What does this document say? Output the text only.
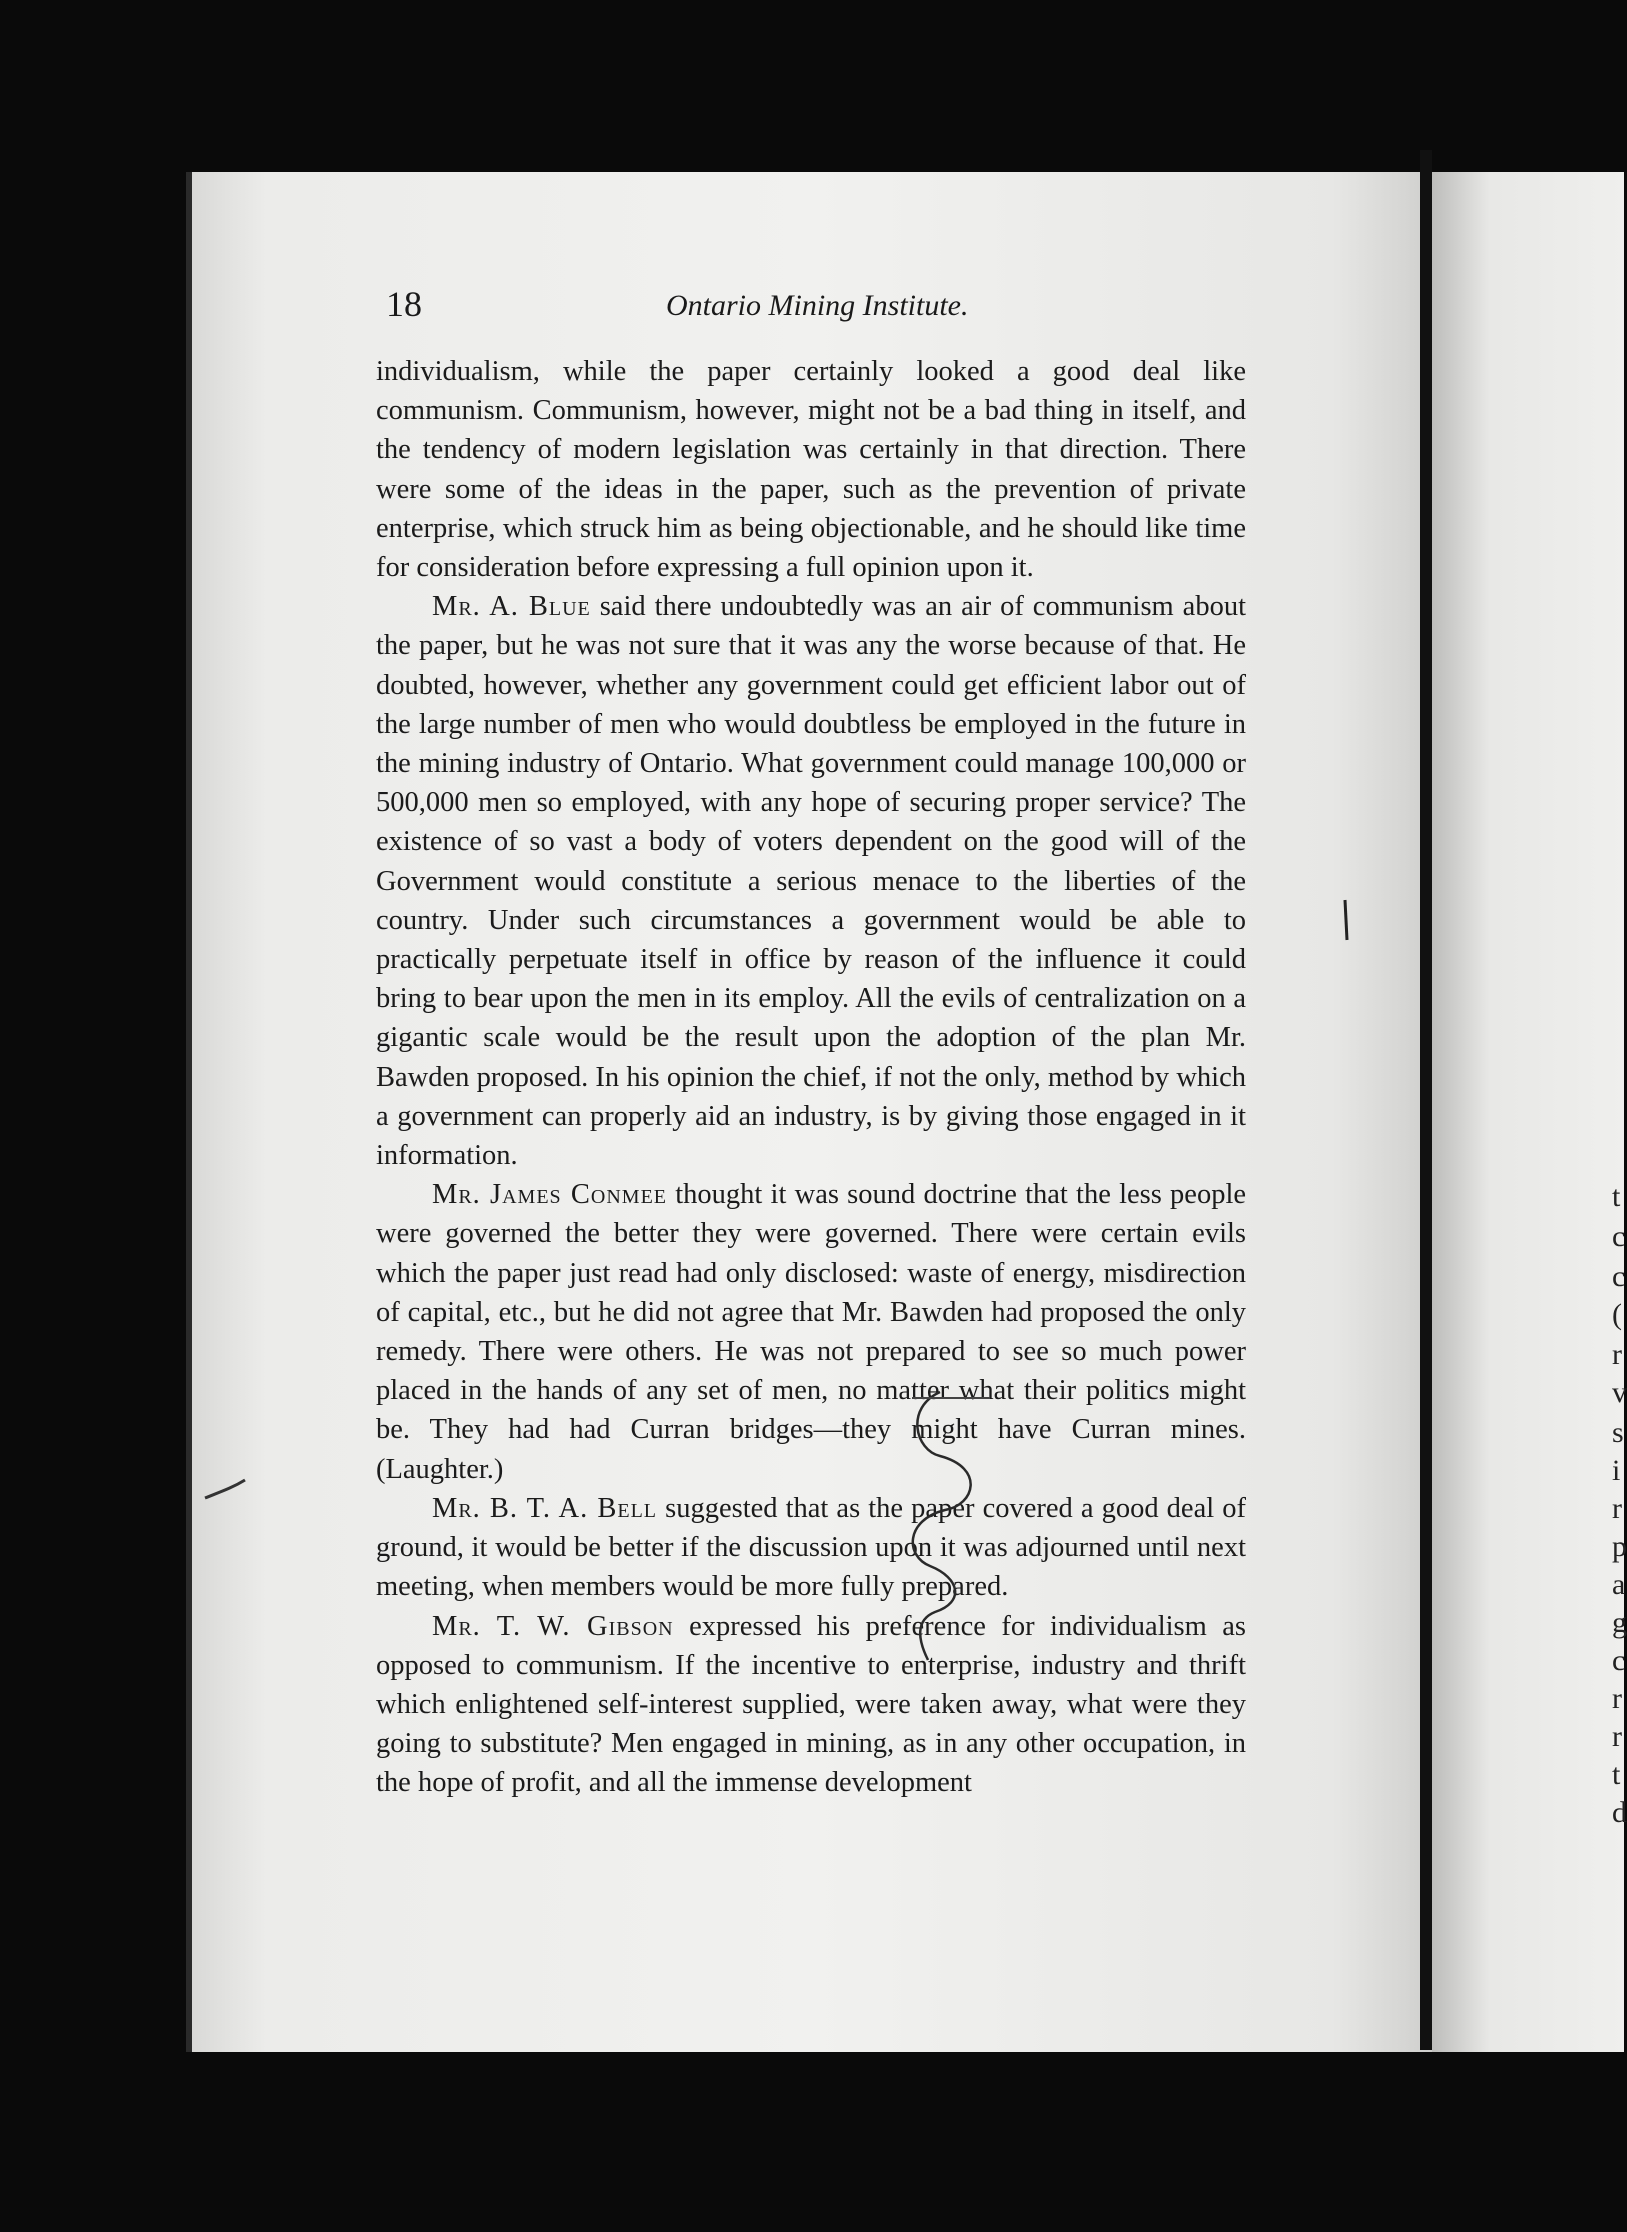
t
c
c
(
r
v
s
i
r
p
a
g
c
r
r
t
d
18	Ontario Mining Institute.

individualism, while the paper certainly looked a good deal like communism. Communism, however, might not be a bad thing in itself, and the tendency of modern legislation was certainly in that direction. There were some of the ideas in the paper, such as the prevention of private enterprise, which struck him as being objectionable, and he should like time for consideration before expressing a full opinion upon it.

Mr. A. Blue said there undoubtedly was an air of communism about the paper, but he was not sure that it was any the worse because of that. He doubted, however, whether any government could get efficient labor out of the large number of men who would doubtless be employed in the future in the mining industry of Ontario. What government could manage 100,000 or 500,000 men so employed, with any hope of securing proper service? The existence of so vast a body of voters dependent on the good will of the Government would constitute a serious menace to the liberties of the country. Under such circumstances a government would be able to practically perpetuate itself in office by reason of the influence it could bring to bear upon the men in its employ. All the evils of centralization on a gigantic scale would be the result upon the adoption of the plan Mr. Bawden proposed. In his opinion the chief, if not the only, method by which a government can properly aid an industry, is by giving those engaged in it information.

Mr. James Conmee thought it was sound doctrine that the less people were governed the better they were governed. There were certain evils which the paper just read had only disclosed: waste of energy, misdirection of capital, etc., but he did not agree that Mr. Bawden had proposed the only remedy. There were others. He was not prepared to see so much power placed in the hands of any set of men, no matter what their politics might be. They had had Curran bridges—they might have Curran mines. (Laughter.)

Mr. B. T. A. Bell suggested that as the paper covered a good deal of ground, it would be better if the discussion upon it was adjourned until next meeting, when members would be more fully prepared.

Mr. T. W. Gibson expressed his preference for individualism as opposed to communism. If the incentive to enterprise, industry and thrift which enlightened self-interest supplied, were taken away, what were they going to substitute? Men engaged in mining, as in any other occupation, in the hope of profit, and all the immense development
